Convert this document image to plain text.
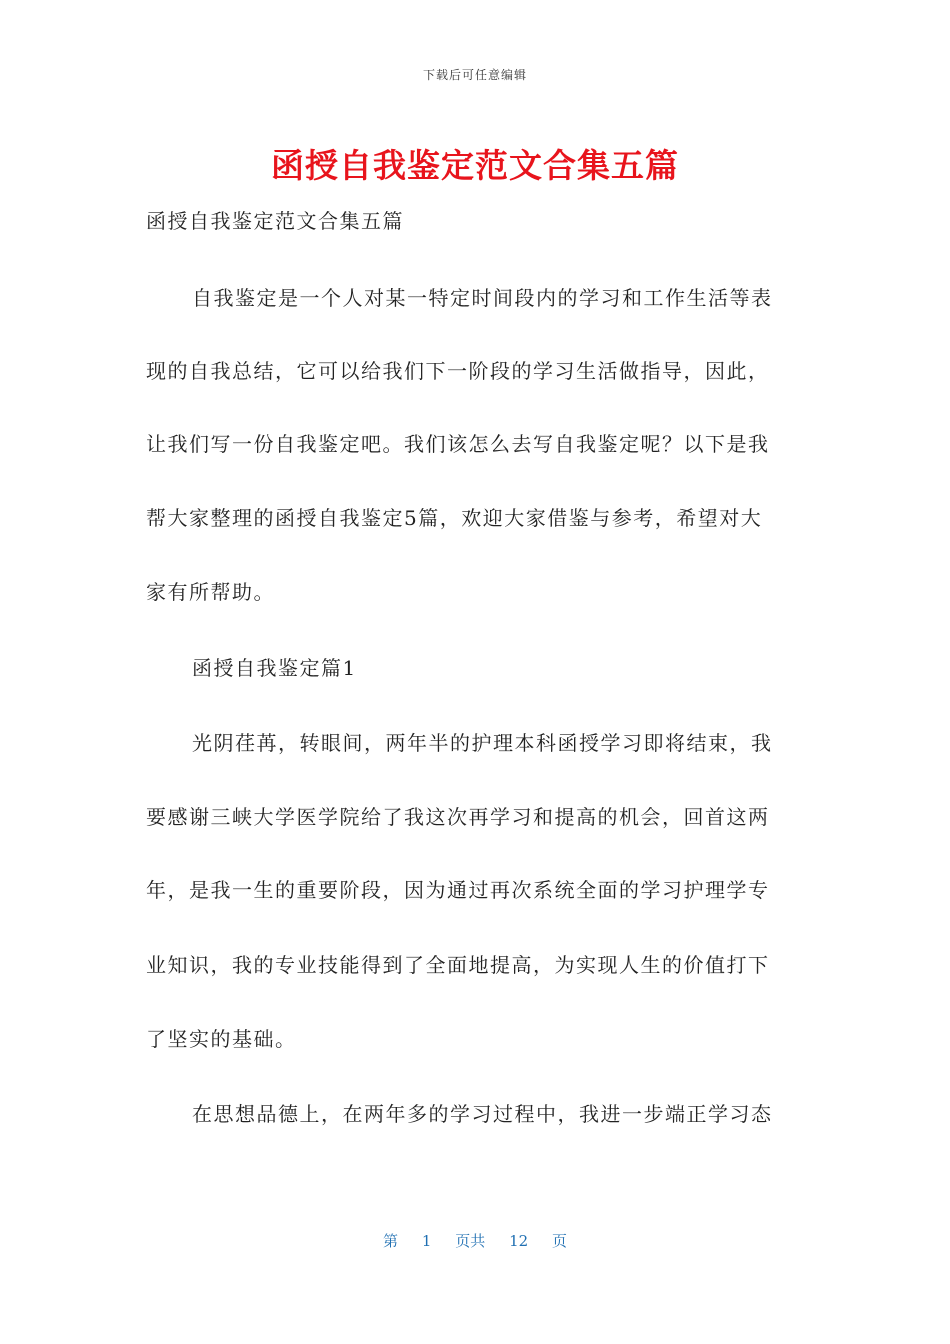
下载后可任意编辑
函授自我鉴定范文合集五篇
函授自我鉴定范文合集五篇
自我鉴定是一个人对某一特定时间段内的学习和工作生活等表
现的自我总结，它可以给我们下一阶段的学习生活做指导，因此，
让我们写一份自我鉴定吧。我们该怎么去写自我鉴定呢？以下是我
帮大家整理的函授自我鉴定5篇，欢迎大家借鉴与参考，希望对大
家有所帮助。
函授自我鉴定篇1
光阴荏苒，转眼间，两年半的护理本科函授学习即将结束，我
要感谢三峡大学医学院给了我这次再学习和提高的机会，回首这两
年，是我一生的重要阶段，因为通过再次系统全面的学习护理学专
业知识，我的专业技能得到了全面地提高，为实现人生的价值打下
了坚实的基础。
在思想品德上，在两年多的学习过程中，我进一步端正学习态
第 1 页共 12 页
